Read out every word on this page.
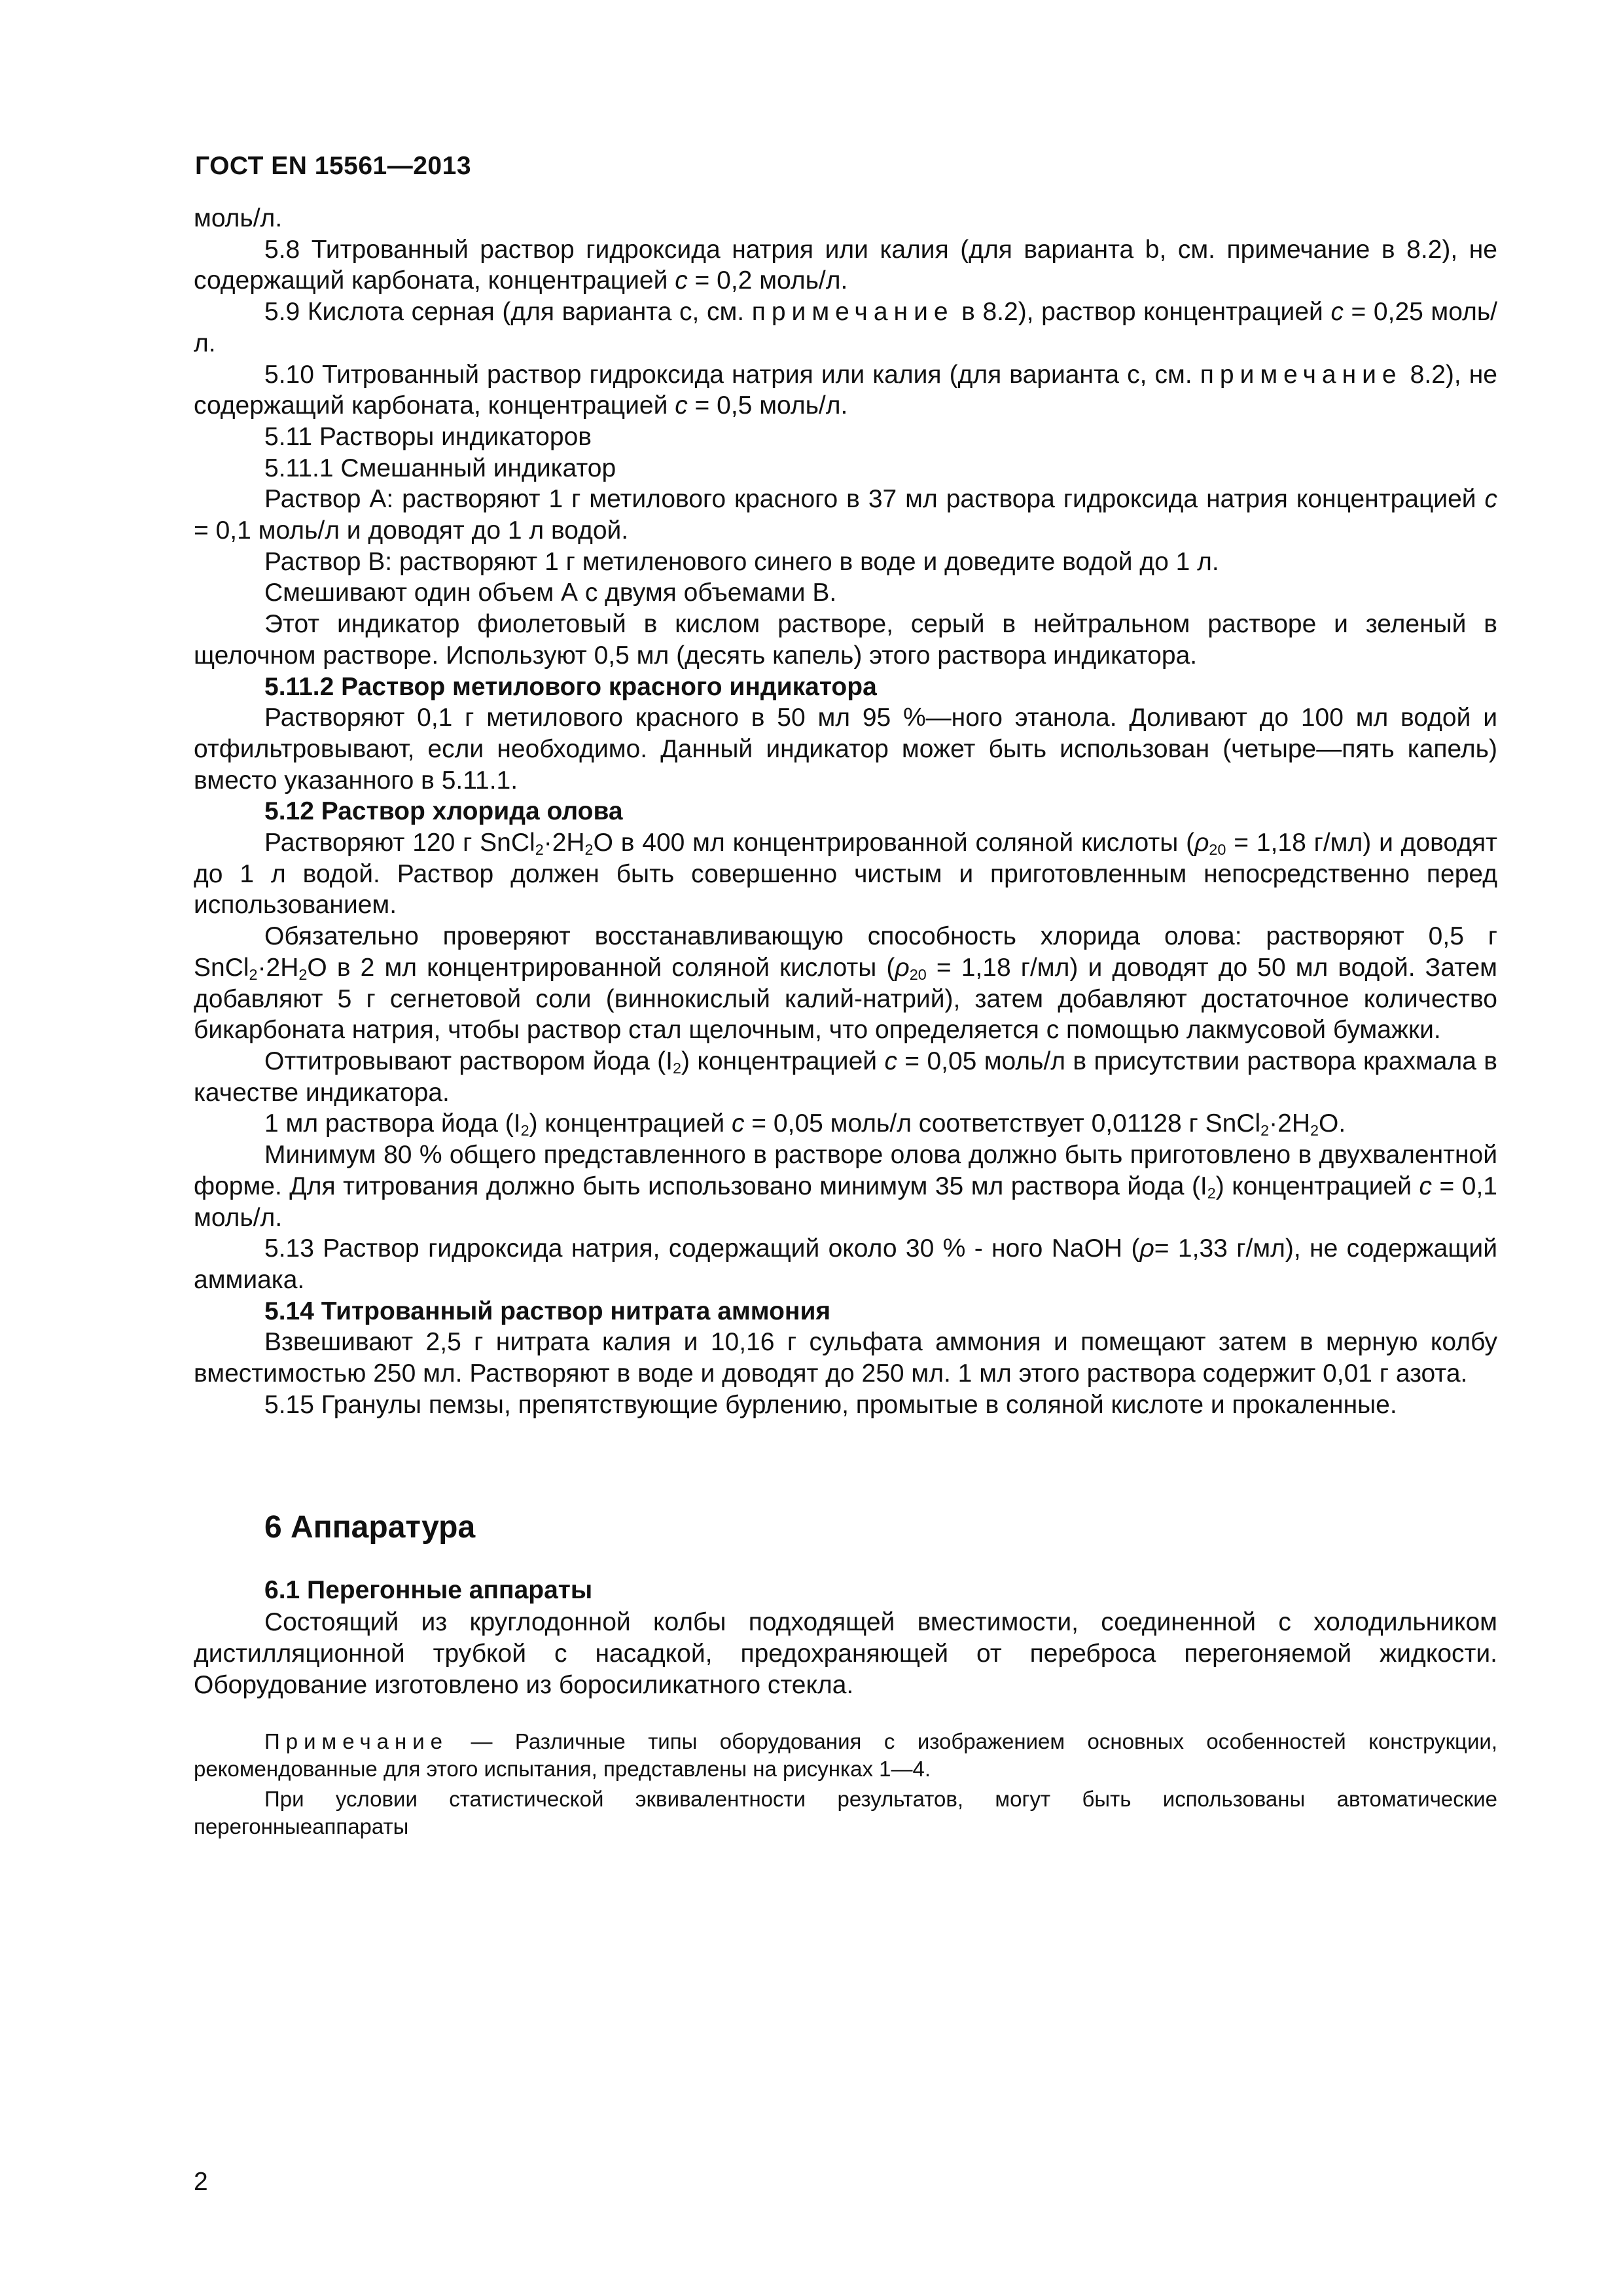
ГОСТ EN 15561—2013

моль/л.

5.8 Титрованный раствор гидроксида натрия или калия (для варианта b, см. примечание в 8.2), не содержащий карбоната, концентрацией c = 0,2 моль/л.

5.9 Кислота серная (для варианта с, см. примечание в 8.2), раствор концентрацией c = 0,25 моль/л.

5.10 Титрованный раствор гидроксида натрия или калия (для варианта с, см. примечание 8.2), не содержащий карбоната, концентрацией c = 0,5 моль/л.

5.11 Растворы индикаторов

5.11.1 Смешанный индикатор

Раствор А: растворяют 1 г метилового красного в 37 мл раствора гидроксида натрия концентрацией c = 0,1 моль/л и доводят до 1 л водой.

Раствор В: растворяют 1 г метиленового синего в воде и доведите водой до 1 л.

Смешивают один объем А с двумя объемами В.

Этот индикатор фиолетовый в кислом растворе, серый в нейтральном растворе и зеленый в щелочном растворе. Используют 0,5 мл (десять капель) этого раствора индикатора.

5.11.2 Раствор метилового красного индикатора

Растворяют 0,1 г метилового красного в 50 мл 95 %—ного этанола. Доливают до 100 мл водой и отфильтровывают, если необходимо. Данный индикатор может быть использован (четыре—пять капель) вместо указанного в 5.11.1.

5.12 Раствор хлорида олова

Растворяют 120 г $SnCl_2\cdot 2H_2O$ в 400 мл концентрированной соляной кислоты ($\rho_{20} = 1,18$ г/мл) и доводят до 1 л водой. Раствор должен быть совершенно чистым и приготовленным непосредственно перед использованием.

Обязательно проверяют восстанавливающую способность хлорида олова: растворяют 0,5 г $SnCl_2\cdot 2H_2O$ в 2 мл концентрированной соляной кислоты ($\rho_{20} = 1,18$ г/мл) и доводят до 50 мл водой. Затем добавляют 5 г сегнетовой соли (виннокислый калий-натрий), затем добавляют достаточное количество бикарбоната натрия, чтобы раствор стал щелочным, что определяется с помощью лакмусовой бумажки.

Оттитровывают раствором йода $(I_2)$ концентрацией c = 0,05 моль/л в присутствии раствора крахмала в качестве индикатора.

1 мл раствора йода $(I_2)$ концентрацией c = 0,05 моль/л соответствует 0,01128 г $SnCl_2\cdot 2H_2O$.

Минимум 80 % общего представленного в растворе олова должно быть приготовлено в двухвалентной форме. Для титрования должно быть использовано минимум 35 мл раствора йода $(I_2)$ концентрацией c = 0,1 моль/л.

5.13 Раствор гидроксида натрия, содержащий около 30 % - ного NaOH (ρ= 1,33 г/мл), не содержащий аммиака.

5.14 Титрованный раствор нитрата аммония

Взвешивают 2,5 г нитрата калия и 10,16 г сульфата аммония и помещают затем в мерную колбу вместимостью 250 мл. Растворяют в воде и доводят до 250 мл. 1 мл этого раствора содержит 0,01 г азота.

5.15 Гранулы пемзы, препятствующие бурлению, промытые в соляной кислоте и прокаленные.

6 Аппаратура
6.1 Перегонные аппараты

Состоящий из круглодонной колбы подходящей вместимости, соединенной с холодильником дистилляционной трубкой с насадкой, предохраняющей от переброса перегоняемой жидкости. Оборудование изготовлено из боросиликатного стекла.

Примечание — Различные типы оборудования с изображением основных особенностей конструкции, рекомендованные для этого испытания, представлены на рисунках 1—4.

При условии статистической эквивалентности результатов, могут быть использованы автоматические перегонныеаппараты

2
